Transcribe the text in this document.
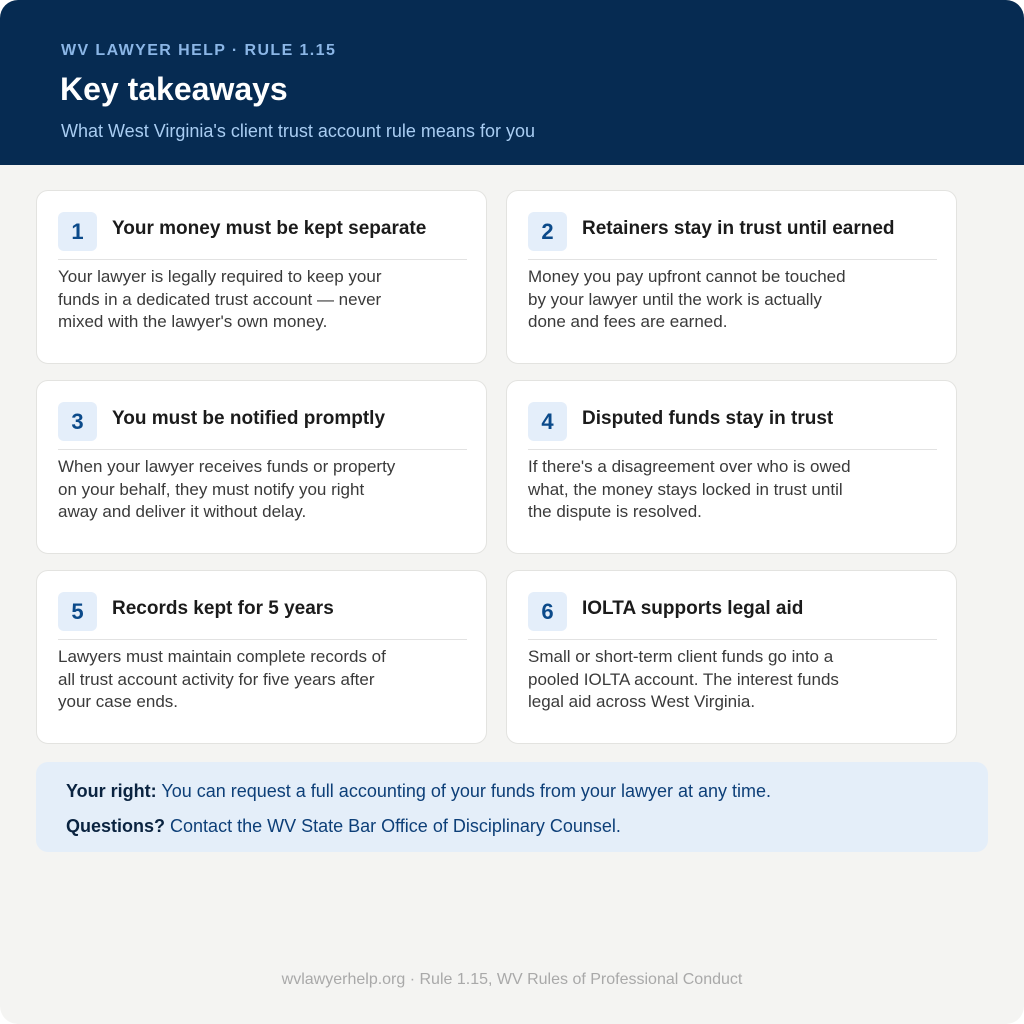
WV LAWYER HELP · RULE 1.15
Key takeaways
What West Virginia's client trust account rule means for you
1	Your money must be kept separate
Your lawyer is legally required to keep your
funds in a dedicated trust account — never
mixed with the lawyer's own money.
2	Retainers stay in trust until earned
Money you pay upfront cannot be touched
by your lawyer until the work is actually
done and fees are earned.
3	You must be notified promptly
When your lawyer receives funds or property
on your behalf, they must notify you right
away and deliver it without delay.
4	Disputed funds stay in trust
If there's a disagreement over who is owed
what, the money stays locked in trust until
the dispute is resolved.
5	Records kept for 5 years
Lawyers must maintain complete records of
all trust account activity for five years after
your case ends.
6	IOLTA supports legal aid
Small or short-term client funds go into a
pooled IOLTA account. The interest funds
legal aid across West Virginia.
Your right: You can request a full accounting of your funds from your lawyer at any time.
Questions? Contact the WV State Bar Office of Disciplinary Counsel.
wvlawyerhelp.org · Rule 1.15, WV Rules of Professional Conduct
